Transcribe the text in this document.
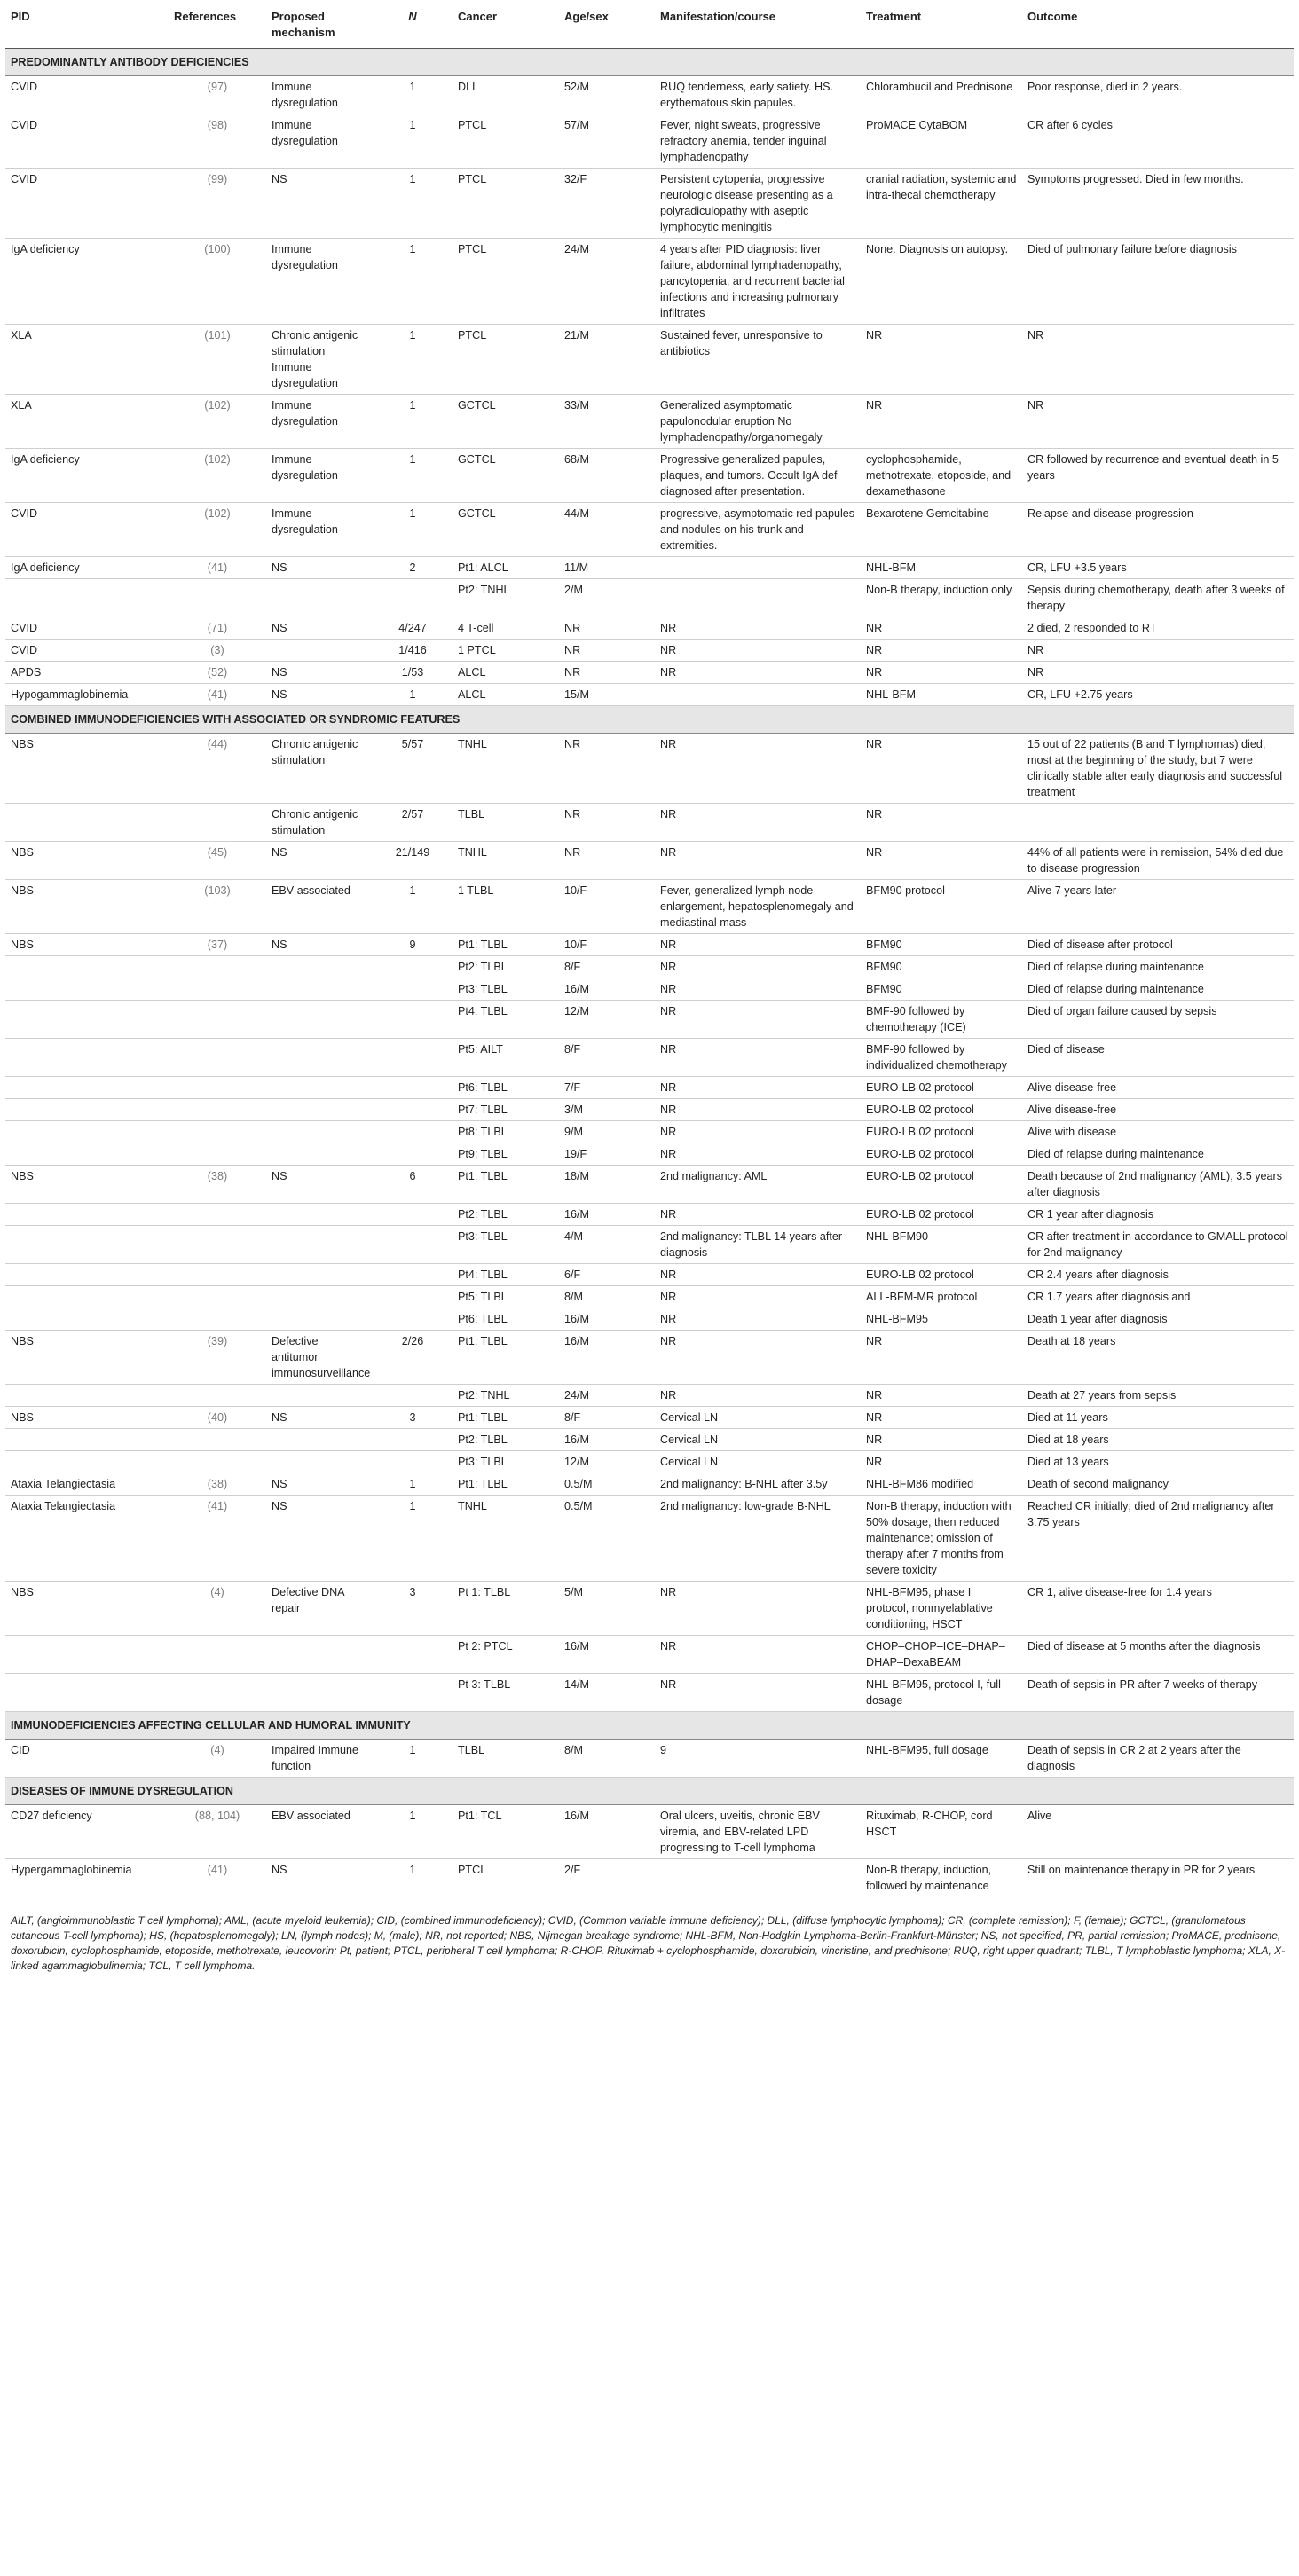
PID	References	Proposed mechanism	N	Cancer	Age/sex	Manifestation/course	Treatment	Outcome
PREDOMINANTLY ANTIBODY DEFICIENCIES								
CVID	(97)	Immune dysregulation	1	DLL	52/M	RUQ tenderness, early satiety. HS. erythematous skin papules.	Chlorambucil and Prednisone	Poor response, died in 2 years.
CVID	(98)	Immune dysregulation	1	PTCL	57/M	Fever, night sweats, progressive refractory anemia, tender inguinal lymphadenopathy	ProMACE CytaBOM	CR after 6 cycles
CVID	(99)	NS	1	PTCL	32/F	Persistent cytopenia, progressive neurologic disease presenting as a polyradiculopathy with aseptic lymphocytic meningitis	cranial radiation, systemic and intra-thecal chemotherapy	Symptoms progressed. Died in few months.
IgA deficiency	(100)	Immune dysregulation	1	PTCL	24/M	4 years after PID diagnosis: liver failure, abdominal lymphadenopathy, pancytopenia, and recurrent bacterial infections and increasing pulmonary infiltrates	None. Diagnosis on autopsy.	Died of pulmonary failure before diagnosis
XLA	(101)	Chronic antigenic stimulation Immune dysregulation	1	PTCL	21/M	Sustained fever, unresponsive to antibiotics	NR	NR
XLA	(102)	Immune dysregulation	1	GCTCL	33/M	Generalized asymptomatic papulonodular eruption No lymphadenopathy/organomegaly	NR	NR
IgA deficiency	(102)	Immune dysregulation	1	GCTCL	68/M	Progressive generalized papules, plaques, and tumors. Occult IgA def diagnosed after presentation.	cyclophosphamide, methotrexate, etoposide, and dexamethasone	CR followed by recurrence and eventual death in 5 years
CVID	(102)	Immune dysregulation	1	GCTCL	44/M	progressive, asymptomatic red papules and nodules on his trunk and extremities.	Bexarotene Gemcitabine	Relapse and disease progression
IgA deficiency	(41)	NS	2	Pt1: ALCL	11/M		NHL-BFM	CR, LFU +3.5 years
				Pt2: TNHL	2/M		Non-B therapy, induction only	Sepsis during chemotherapy, death after 3 weeks of therapy
CVID	(71)	NS	4/247	4 T-cell	NR	NR	NR	2 died, 2 responded to RT
CVID	(3)		1/416	1 PTCL	NR	NR	NR	NR
APDS	(52)	NS	1/53	ALCL	NR	NR	NR	NR
Hypogammaglobinemia	(41)	NS	1	ALCL	15/M		NHL-BFM	CR, LFU +2.75 years
COMBINED IMMUNODEFICIENCIES WITH ASSOCIATED OR SYNDROMIC FEATURES								
NBS	(44)	Chronic antigenic stimulation	5/57	TNHL	NR	NR	NR	15 out of 22 patients (B and T lymphomas) died, most at the beginning of the study, but 7 were clinically stable after early diagnosis and successful treatment
		Chronic antigenic stimulation	2/57	TLBL	NR	NR	NR	
NBS	(45)	NS	21/149	TNHL	NR	NR	NR	44% of all patients were in remission, 54% died due to disease progression
NBS	(103)	EBV associated	1	1 TLBL	10/F	Fever, generalized lymph node enlargement, hepatosplenomegaly and mediastinal mass	BFM90 protocol	Alive 7 years later
NBS	(37)	NS	9	Pt1: TLBL	10/F	NR	BFM90	Died of disease after protocol
				Pt2: TLBL	8/F	NR	BFM90	Died of relapse during maintenance
				Pt3: TLBL	16/M	NR	BFM90	Died of relapse during maintenance
				Pt4: TLBL	12/M	NR	BMF-90 followed by chemotherapy (ICE)	Died of organ failure caused by sepsis
				Pt5: AILT	8/F	NR	BMF-90 followed by individualized chemotherapy	Died of disease
				Pt6: TLBL	7/F	NR	EURO-LB 02 protocol	Alive disease-free
				Pt7: TLBL	3/M	NR	EURO-LB 02 protocol	Alive disease-free
				Pt8: TLBL	9/M	NR	EURO-LB 02 protocol	Alive with disease
				Pt9: TLBL	19/F	NR	EURO-LB 02 protocol	Died of relapse during maintenance
NBS	(38)	NS	6	Pt1: TLBL	18/M	2nd malignancy: AML	EURO-LB 02 protocol	Death because of 2nd malignancy (AML), 3.5 years after diagnosis
				Pt2: TLBL	16/M	NR	EURO-LB 02 protocol	CR 1 year after diagnosis
				Pt3: TLBL	4/M	2nd malignancy: TLBL 14 years after diagnosis	NHL-BFM90	CR after treatment in accordance to GMALL protocol for 2nd malignancy
				Pt4: TLBL	6/F	NR	EURO-LB 02 protocol	CR 2.4 years after diagnosis
				Pt5: TLBL	8/M	NR	ALL-BFM-MR protocol	CR 1.7 years after diagnosis and
				Pt6: TLBL	16/M	NR	NHL-BFM95	Death 1 year after diagnosis
NBS	(39)	Defective antitumor immunosurveillance	2/26	Pt1: TLBL	16/M	NR	NR	Death at 18 years
				Pt2: TNHL	24/M	NR	NR	Death at 27 years from sepsis
NBS	(40)	NS	3	Pt1: TLBL	8/F	Cervical LN	NR	Died at 11 years
				Pt2: TLBL	16/M	Cervical LN	NR	Died at 18 years
				Pt3: TLBL	12/M	Cervical LN	NR	Died at 13 years
Ataxia Telangiectasia	(38)	NS	1	Pt1: TLBL	0.5/M	2nd malignancy: B-NHL after 3.5y	NHL-BFM86 modified	Death of second malignancy
Ataxia Telangiectasia	(41)	NS	1	TNHL	0.5/M	2nd malignancy: low-grade B-NHL	Non-B therapy, induction with 50% dosage, then reduced maintenance; omission of therapy after 7 months from severe toxicity	Reached CR initially; died of 2nd malignancy after 3.75 years
NBS	(4)	Defective DNA repair	3	Pt 1: TLBL	5/M	NR	NHL-BFM95, phase I protocol, nonmyelablative conditioning, HSCT	CR 1, alive disease-free for 1.4 years
				Pt 2: PTCL	16/M	NR	CHOP–CHOP–ICE–DHAP–DHAP–DexaBEAM	Died of disease at 5 months after the diagnosis
				Pt 3: TLBL	14/M	NR	NHL-BFM95, protocol I, full dosage	Death of sepsis in PR after 7 weeks of therapy
IMMUNODEFICIENCIES AFFECTING CELLULAR AND HUMORAL IMMUNITY								
CID	(4)	Impaired Immune function	1	TLBL	8/M	9	NHL-BFM95, full dosage	Death of sepsis in CR 2 at 2 years after the diagnosis
DISEASES OF IMMUNE DYSREGULATION								
CD27 deficiency	(88, 104)	EBV associated	1	Pt1: TCL	16/M	Oral ulcers, uveitis, chronic EBV viremia, and EBV-related LPD progressing to T-cell lymphoma	Rituximab, R-CHOP, cord HSCT	Alive
Hypergammaglobinemia	(41)	NS	1	PTCL	2/F		Non-B therapy, induction, followed by maintenance	Still on maintenance therapy in PR for 2 years
AILT, (angioimmunoblastic T cell lymphoma); AML, (acute myeloid leukemia); CID, (combined immunodeficiency); CVID, (Common variable immune deficiency); DLL, (diffuse lymphocytic lymphoma); CR, (complete remission); F, (female); GCTCL, (granulomatous cutaneous T-cell lymphoma); HS, (hepatosplenomegaly); LN, (lymph nodes); M, (male); NR, not reported; NBS, Nijmegan breakage syndrome; NHL-BFM, Non-Hodgkin Lymphoma-Berlin-Frankfurt-Münster; NS, not specified, PR, partial remission; ProMACE, prednisone, doxorubicin, cyclophosphamide, etoposide, methotrexate, leucovorin; Pt, patient; PTCL, peripheral T cell lymphoma; R-CHOP, Rituximab + cyclophosphamide, doxorubicin, vincristine, and prednisone; RUQ, right upper quadrant; TLBL, T lymphoblastic lymphoma; XLA, X-linked agammaglobulinemia; TCL, T cell lymphoma.
